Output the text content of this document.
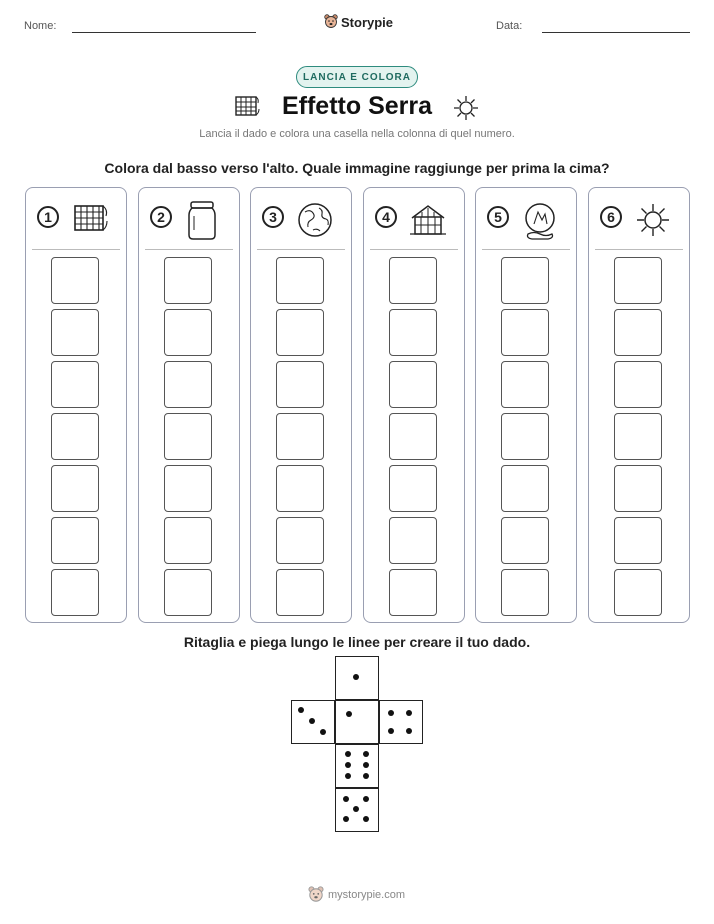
Nome:	Storypie	Data:
LANCIA E COLORA
Effetto Serra
Lancia il dado e colora una casella nella colonna di quel numero.
Colora dal basso verso l'alto. Quale immagine raggiunge per prima la cima?
1	2	3	4	5	6
Ritaglia e piega lungo le linee per creare il tuo dado.
mystorypie.com
